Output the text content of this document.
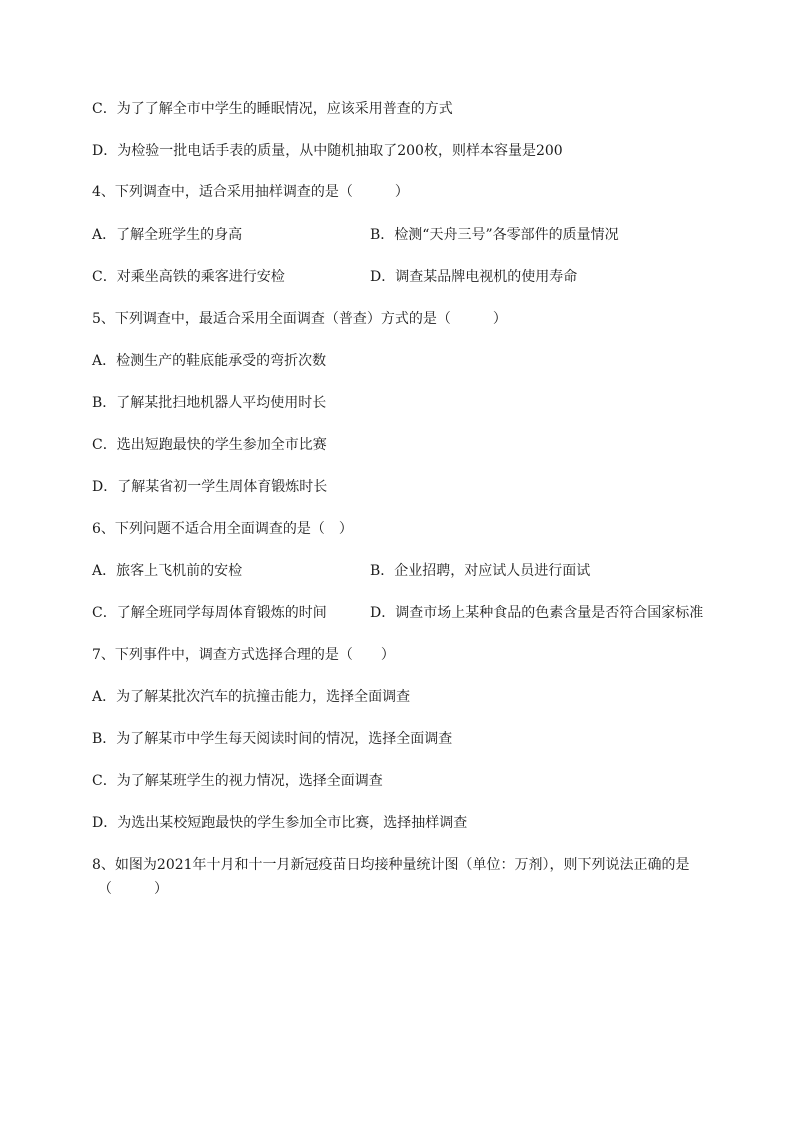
C．为了了解全市中学生的睡眠情况，应该采用普查的方式
D．为检验一批电话手表的质量，从中随机抽取了200枚，则样本容量是200
4、下列调查中，适合采用抽样调查的是（　　　）
A．了解全班学生的身高	B．检测“天舟三号”各零部件的质量情况
C．对乘坐高铁的乘客进行安检	D．调查某品牌电视机的使用寿命
5、下列调查中，最适合采用全面调查（普查）方式的是（　　　）
A．检测生产的鞋底能承受的弯折次数
B．了解某批扫地机器人平均使用时长
C．选出短跑最快的学生参加全市比赛
D．了解某省初一学生周体育锻炼时长
6、下列问题不适合用全面调查的是（　）
A．旅客上飞机前的安检	B．企业招聘，对应试人员进行面试
C．了解全班同学每周体育锻炼的时间	D．调查市场上某种食品的色素含量是否符合国家标准
7、下列事件中，调查方式选择合理的是（　　）
A．为了解某批次汽车的抗撞击能力，选择全面调查
B．为了解某市中学生每天阅读时间的情况，选择全面调查
C．为了解某班学生的视力情况，选择全面调查
D．为选出某校短跑最快的学生参加全市比赛，选择抽样调查
8、如图为2021年十月和十一月新冠疫苗日均接种量统计图（单位：万剂），则下列说法正确的是
（　　　）
